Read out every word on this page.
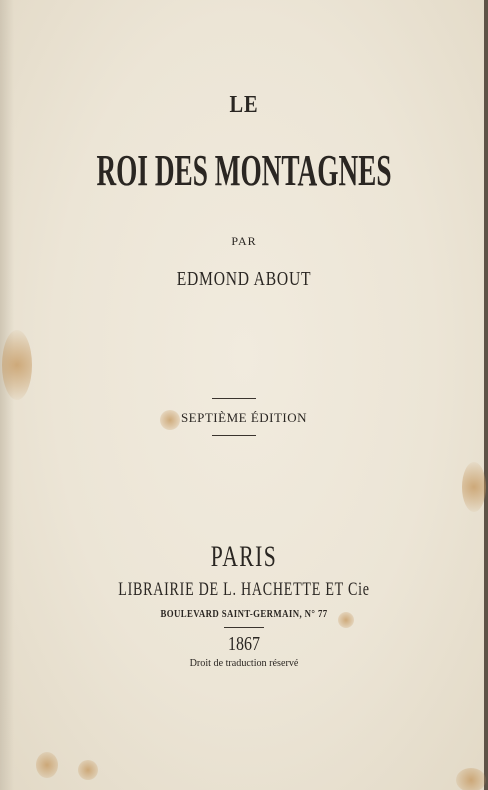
LE
ROI DES MONTAGNES
PAR
EDMOND ABOUT
SEPTIÈME ÉDITION
PARIS
LIBRAIRIE DE L. HACHETTE ET Cie
BOULEVARD SAINT-GERMAIN, N° 77
1867
Droit de traduction réservé
